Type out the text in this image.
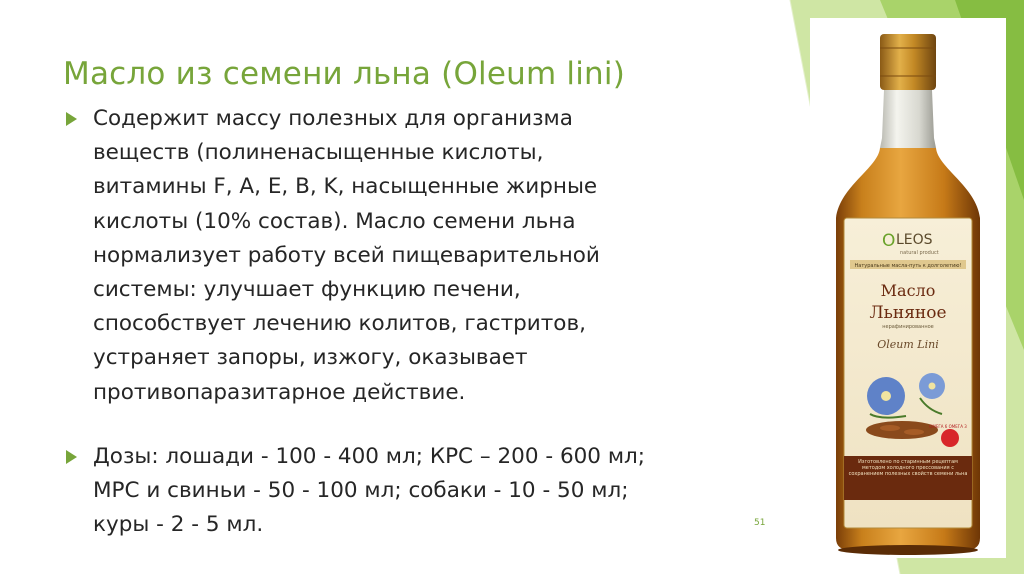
Масло из семени льна (Oleum lini)
Содержит массу полезных для организма
веществ (полиненасыщенные кислоты,
витамины F, A, E, B, K, насыщенные жирные
кислоты (10% состав). Масло семени льна
нормализует работу всей пищеварительной
системы: улучшает функцию печени,
способствует лечению колитов, гастритов,
устраняет запоры, изжогу, оказывает
противопаразитарное действие.
Дозы: лошади - 100 - 400 мл; КРС – 200 - 600 мл;
МРС и свиньи - 50 - 100 мл; собаки - 10 - 50 мл;
куры - 2 - 5 мл.	51
O LEOS
natural product
Натуральные масла-путь к долголетию!
Масло
Льняное
нерафинированное
Oleum Lini
ОМЕГА 6 ОМЕГА 3
Изготовлено по старинным рецептам методом холодного прессования с сохранением полезных свойств семени льна
